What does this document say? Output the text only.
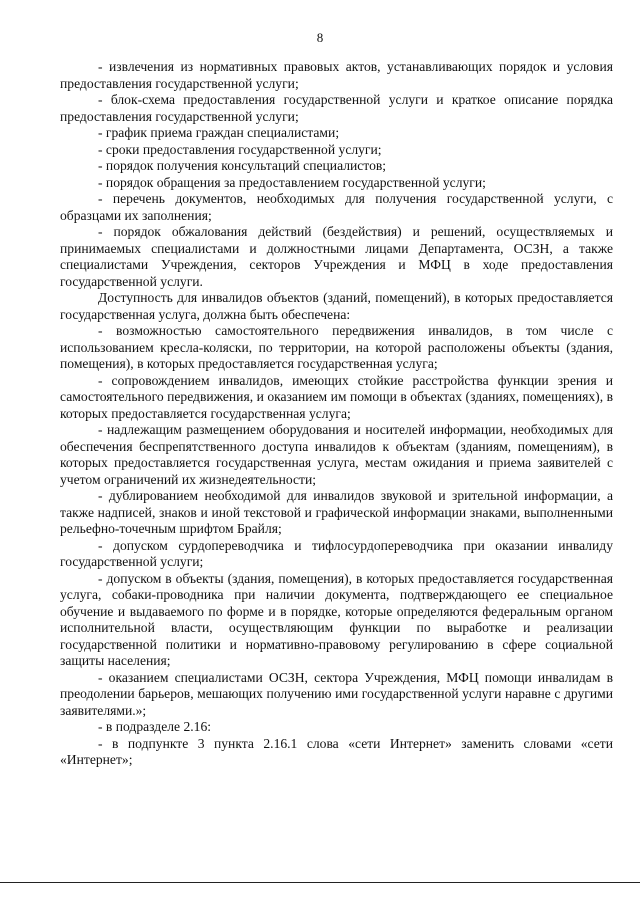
8

- извлечения из нормативных правовых актов, устанавливающих порядок и условия предоставления государственной услуги;

- блок-схема предоставления государственной услуги и краткое описание порядка предоставления государственной услуги;

- график приема граждан специалистами;

- сроки предоставления государственной услуги;

- порядок получения консультаций специалистов;

- порядок обращения за предоставлением государственной услуги;

- перечень документов, необходимых для получения государственной услуги, с образцами их заполнения;

- порядок обжалования действий (бездействия) и решений, осуществляемых и принимаемых специалистами и должностными лицами Департамента, ОСЗН, а также специалистами Учреждения, секторов Учреждения и МФЦ в ходе предоставления государственной услуги.

Доступность для инвалидов объектов (зданий, помещений), в которых предоставляется государственная услуга, должна быть обеспечена:

- возможностью самостоятельного передвижения инвалидов, в том числе с использованием кресла-коляски, по территории, на которой расположены объекты (здания, помещения), в которых предоставляется государственная услуга;

- сопровождением инвалидов, имеющих стойкие расстройства функции зрения и самостоятельного передвижения, и оказанием им помощи в объектах (зданиях, помещениях), в которых предоставляется государственная услуга;

- надлежащим размещением оборудования и носителей информации, необходимых для обеспечения беспрепятственного доступа инвалидов к объектам (зданиям, помещениям), в которых предоставляется государственная услуга, местам ожидания и приема заявителей с учетом ограничений их жизнедеятельности;

- дублированием необходимой для инвалидов звуковой и зрительной информации, а также надписей, знаков и иной текстовой и графической информации знаками, выполненными рельефно-точечным шрифтом Брайля;

- допуском сурдопереводчика и тифлосурдопереводчика при оказании инвалиду государственной услуги;

- допуском в объекты (здания, помещения), в которых предоставляется государственная услуга, собаки-проводника при наличии документа, подтверждающего ее специальное обучение и выдаваемого по форме и в порядке, которые определяются федеральным органом исполнительной власти, осуществляющим функции по выработке и реализации государственной политики и нормативно-правовому регулированию в сфере социальной защиты населения;

- оказанием специалистами ОСЗН, сектора Учреждения, МФЦ помощи инвалидам в преодолении барьеров, мешающих получению ими государственной услуги наравне с другими заявителями.»;

- в подразделе 2.16:

- в подпункте 3 пункта 2.16.1 слова «сети Интернет» заменить словами «сети «Интернет»;
